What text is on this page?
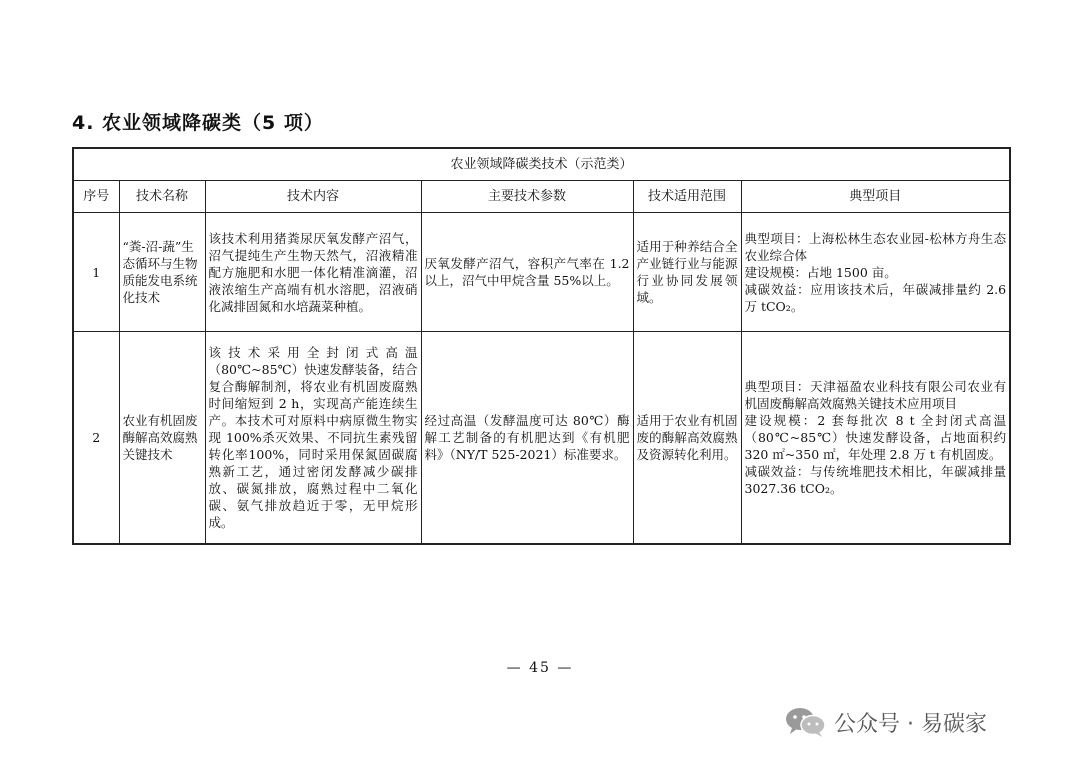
4. 农业领域降碳类（5 项）
农业领域降碳类技术（示范类）					
序号	技术名称	技术内容	主要技术参数	技术适用范围	典型项目
1	“粪-沼-蔬”生态循环与生物质能发电系统化技术	该技术利用猪粪尿厌氧发酵产沼气，沼气提纯生产生物天然气，沼液精准配方施肥和水肥一体化精准滴灌，沼液浓缩生产高端有机水溶肥，沼液硝化减排固氮和水培蔬菜种植。	厌氧发酵产沼气，容积产气率在 1.2 以上，沼气中甲烷含量 55%以上。	适用于种养结合全产业链行业与能源行业协同发展领域。	典型项目：上海松林生态农业园-松林方舟生态农业综合体
建设规模：占地 1500 亩。
减碳效益：应用该技术后，年碳减排量约 2.6 万 tCO₂。
2	农业有机固废酶解高效腐熟关键技术	该技术采用全封闭式高温（80℃~85℃）快速发酵装备，结合复合酶解制剂，将农业有机固废腐熟时间缩短到 2 h，实现高产能连续生产。本技术可对原料中病原微生物实现 100%杀灭效果、不同抗生素残留转化率100%，同时采用保氮固碳腐熟新工艺，通过密闭发酵减少碳排放、碳氮排放，腐熟过程中二氧化碳、氨气排放趋近于零，无甲烷形成。	经过高温（发酵温度可达 80℃）酶解工艺制备的有机肥达到《有机肥料》（NY/T 525-2021）标准要求。	适用于农业有机固废的酶解高效腐熟及资源转化利用。	典型项目：天津福盈农业科技有限公司农业有机固废酶解高效腐熟关键技术应用项目
建设规模：2 套每批次 8 t 全封闭式高温（80℃~85℃）快速发酵设备，占地面积约 320 ㎡~350 ㎡，年处理 2.8 万 t 有机固废。
减碳效益：与传统堆肥技术相比，年碳减排量 3027.36 tCO₂。
— 45 —
公众号 · 易碳家
